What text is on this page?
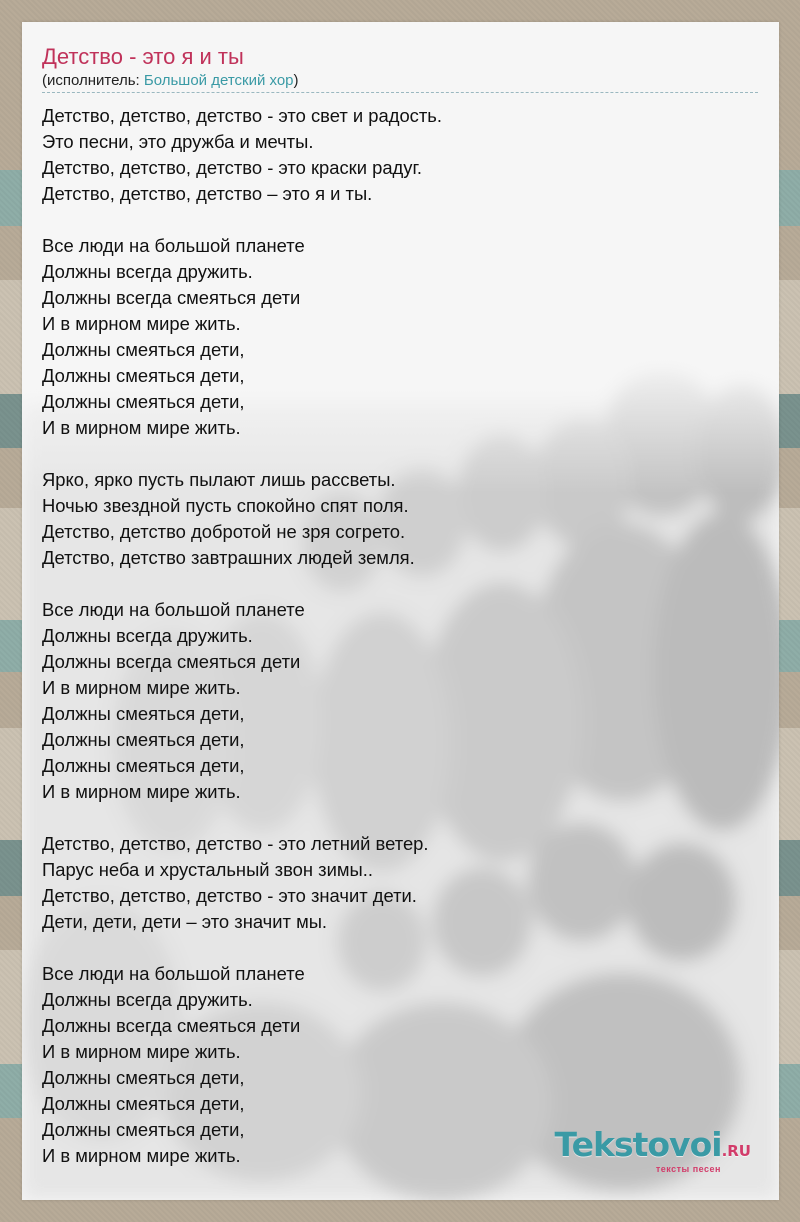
Детство - это я и ты
(исполнитель: Большой детский хор)
Детство, детство, детство - это свет и радость.
Это песни, это дружба и мечты.
Детство, детство, детство - это краски радуг.
Детство, детство, детство – это я и ты.
Все люди на большой планете
Должны всегда дружить.
Должны всегда смеяться дети
И в мирном мире жить.
Должны смеяться дети,
Должны смеяться дети,
Должны смеяться дети,
И в мирном мире жить.
Ярко, ярко пусть пылают лишь рассветы.
Ночью звездной пусть спокойно спят поля.
Детство, детство добротой не зря согрето.
Детство, детство завтрашних людей земля.
Все люди на большой планете
Должны всегда дружить.
Должны всегда смеяться дети
И в мирном мире жить.
Должны смеяться дети,
Должны смеяться дети,
Должны смеяться дети,
И в мирном мире жить.
Детство, детство, детство - это летний ветер.
Парус неба и хрустальный звон зимы..
Детство, детство, детство - это значит дети.
Дети, дети, дети – это значит мы.
Все люди на большой планете
Должны всегда дружить.
Должны всегда смеяться дети
И в мирном мире жить.
Должны смеяться дети,
Должны смеяться дети,
Должны смеяться дети,
И в мирном мире жить.	Tekstovoi.RU
тексты песен
